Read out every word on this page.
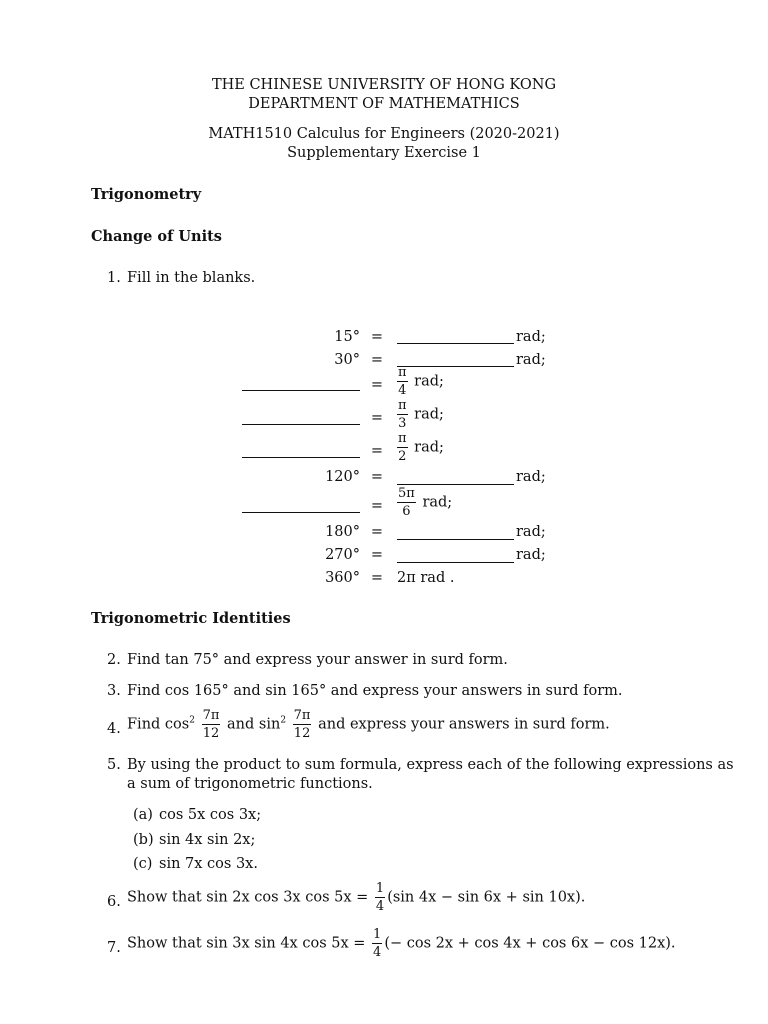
THE CHINESE UNIVERSITY OF HONG KONG
DEPARTMENT OF MATHEMATHICS
MATH1510 Calculus for Engineers (2020-2021)
Supplementary Exercise 1
Trigonometry
Change of Units
1. Fill in the blanks.
15° =	rad;
30° =	rad;
=	$\frac{\pi}{4}$ rad;
=	$\frac{\pi}{3}$ rad;
=	$\frac{\pi}{2}$ rad;
120° =	rad;
=	$\frac{5\pi}{6}$ rad;
180° =	rad;
270° =	rad;
360° = 2π rad .
Trigonometric Identities
2. Find tan 75° and express your answer in surd form.
3. Find cos 165° and sin 165° and express your answers in surd form.
4. Find $\cos^2 \frac{7\pi}{12}$ and $\sin^2 \frac{7\pi}{12}$ and express your answers in surd form.
5. By using the product to sum formula, express each of the following expressions as
a sum of trigonometric functions.
(a) cos 5x cos 3x;
(b) sin 4x sin 2x;
(c) sin 7x cos 3x.
6. Show that sin 2x cos 3x $\cos 5x = \frac{1}{4} (\sin$ 4x − sin 6x + sin 10x).
7. Show that sin 3x sin 4x $\cos 5x = \frac{1}{4}$ (− cos 2x + cos 4x + cos 6x − cos 12x).
